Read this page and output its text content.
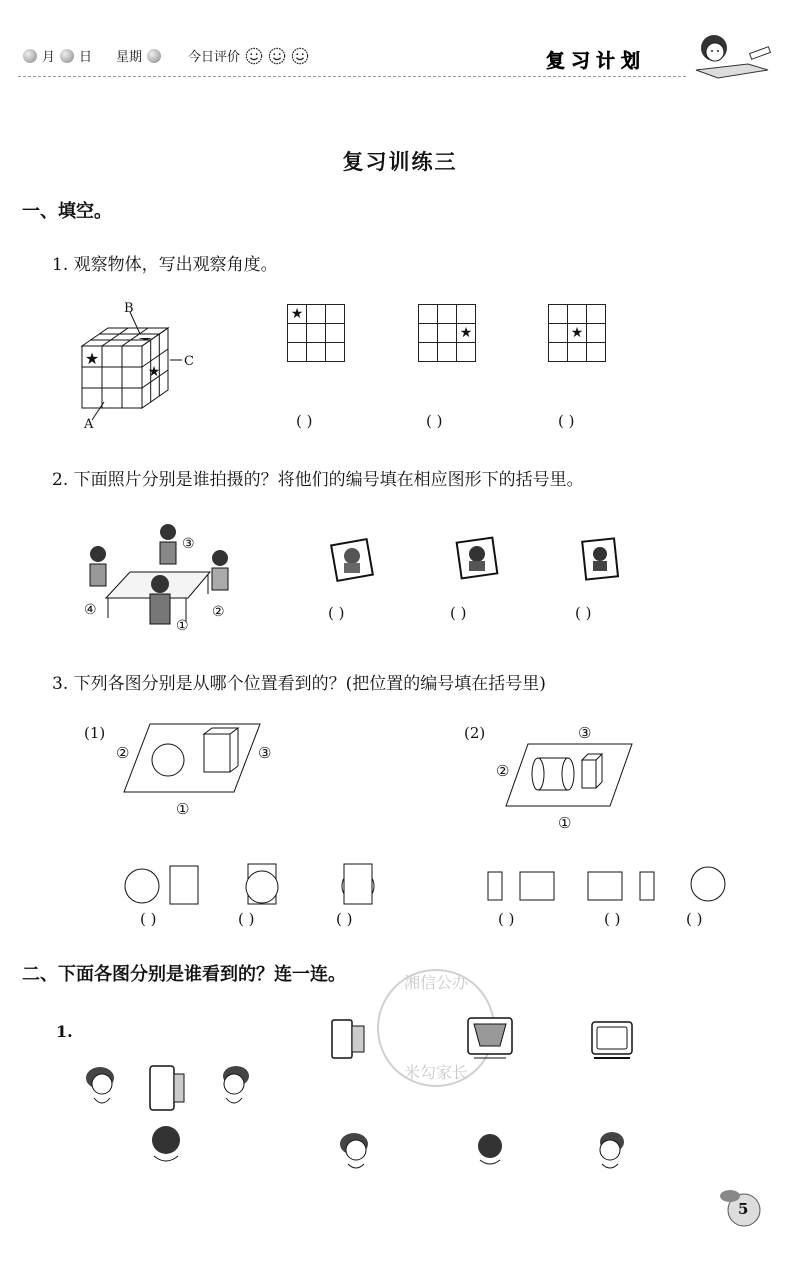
月 日 星期	今日评价	复习计划
复习训练三
一、填空。
1. 观察物体，写出观察角度。
★
★
B
C
A
★		

		★

		★	

( )	( )	( )
2. 下面照片分别是谁拍摄的？将他们的编号填在相应图形下的括号里。
③
②
①
④	( )	( )	( )
3. 下列各图分别是从哪个位置看到的？(把位置的编号填在括号里)
(1)
②	③
①
(2)	③
②
①
( )	( )	( )	( )	( )	( )
二、下面各图分别是谁看到的？连一连。
1.
湘信公办
米勾家长
5
